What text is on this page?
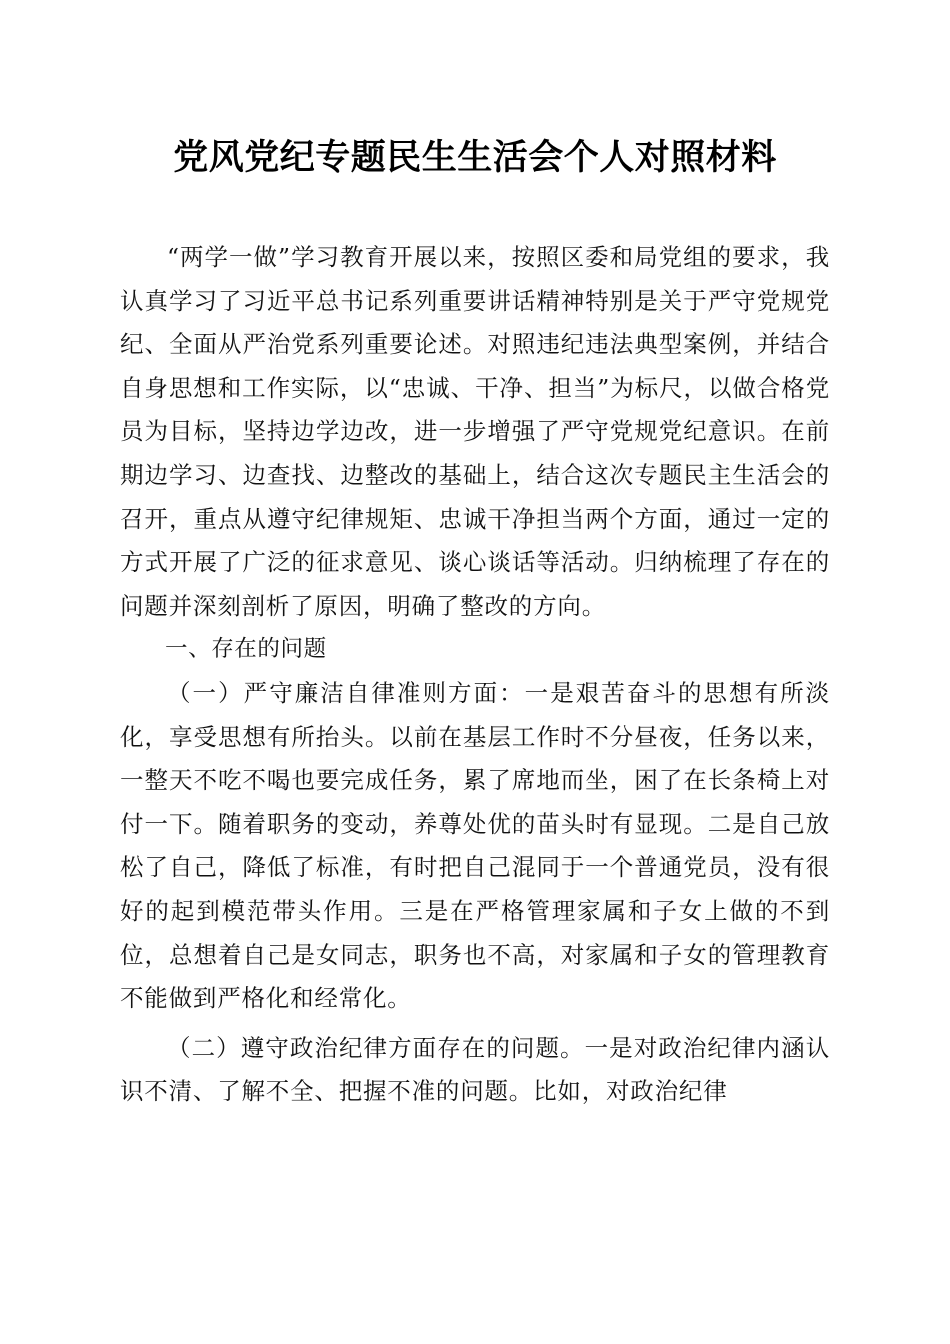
党风党纪专题民生生活会个人对照材料

“两学一做”学习教育开展以来，按照区委和局党组的要求，我认真学习了习近平总书记系列重要讲话精神特别是关于严守党规党纪、全面从严治党系列重要论述。对照违纪违法典型案例，并结合自身思想和工作实际，以“忠诚、干净、担当”为标尺，以做合格党员为目标，坚持边学边改，进一步增强了严守党规党纪意识。在前期边学习、边查找、边整改的基础上，结合这次专题民主生活会的召开，重点从遵守纪律规矩、忠诚干净担当两个方面，通过一定的方式开展了广泛的征求意见、谈心谈话等活动。归纳梳理了存在的问题并深刻剖析了原因，明确了整改的方向。

一、存在的问题

（一）严守廉洁自律准则方面：一是艰苦奋斗的思想有所淡化，享受思想有所抬头。以前在基层工作时不分昼夜，任务以来，一整天不吃不喝也要完成任务，累了席地而坐，困了在长条椅上对付一下。随着职务的变动，养尊处优的苗头时有显现。二是自己放松了自己，降低了标准，有时把自己混同于一个普通党员，没有很好的起到模范带头作用。三是在严格管理家属和子女上做的不到位，总想着自己是女同志，职务也不高，对家属和子女的管理教育不能做到严格化和经常化。

（二）遵守政治纪律方面存在的问题。一是对政治纪律内涵认识不清、了解不全、把握不准的问题。比如，对政治纪律
